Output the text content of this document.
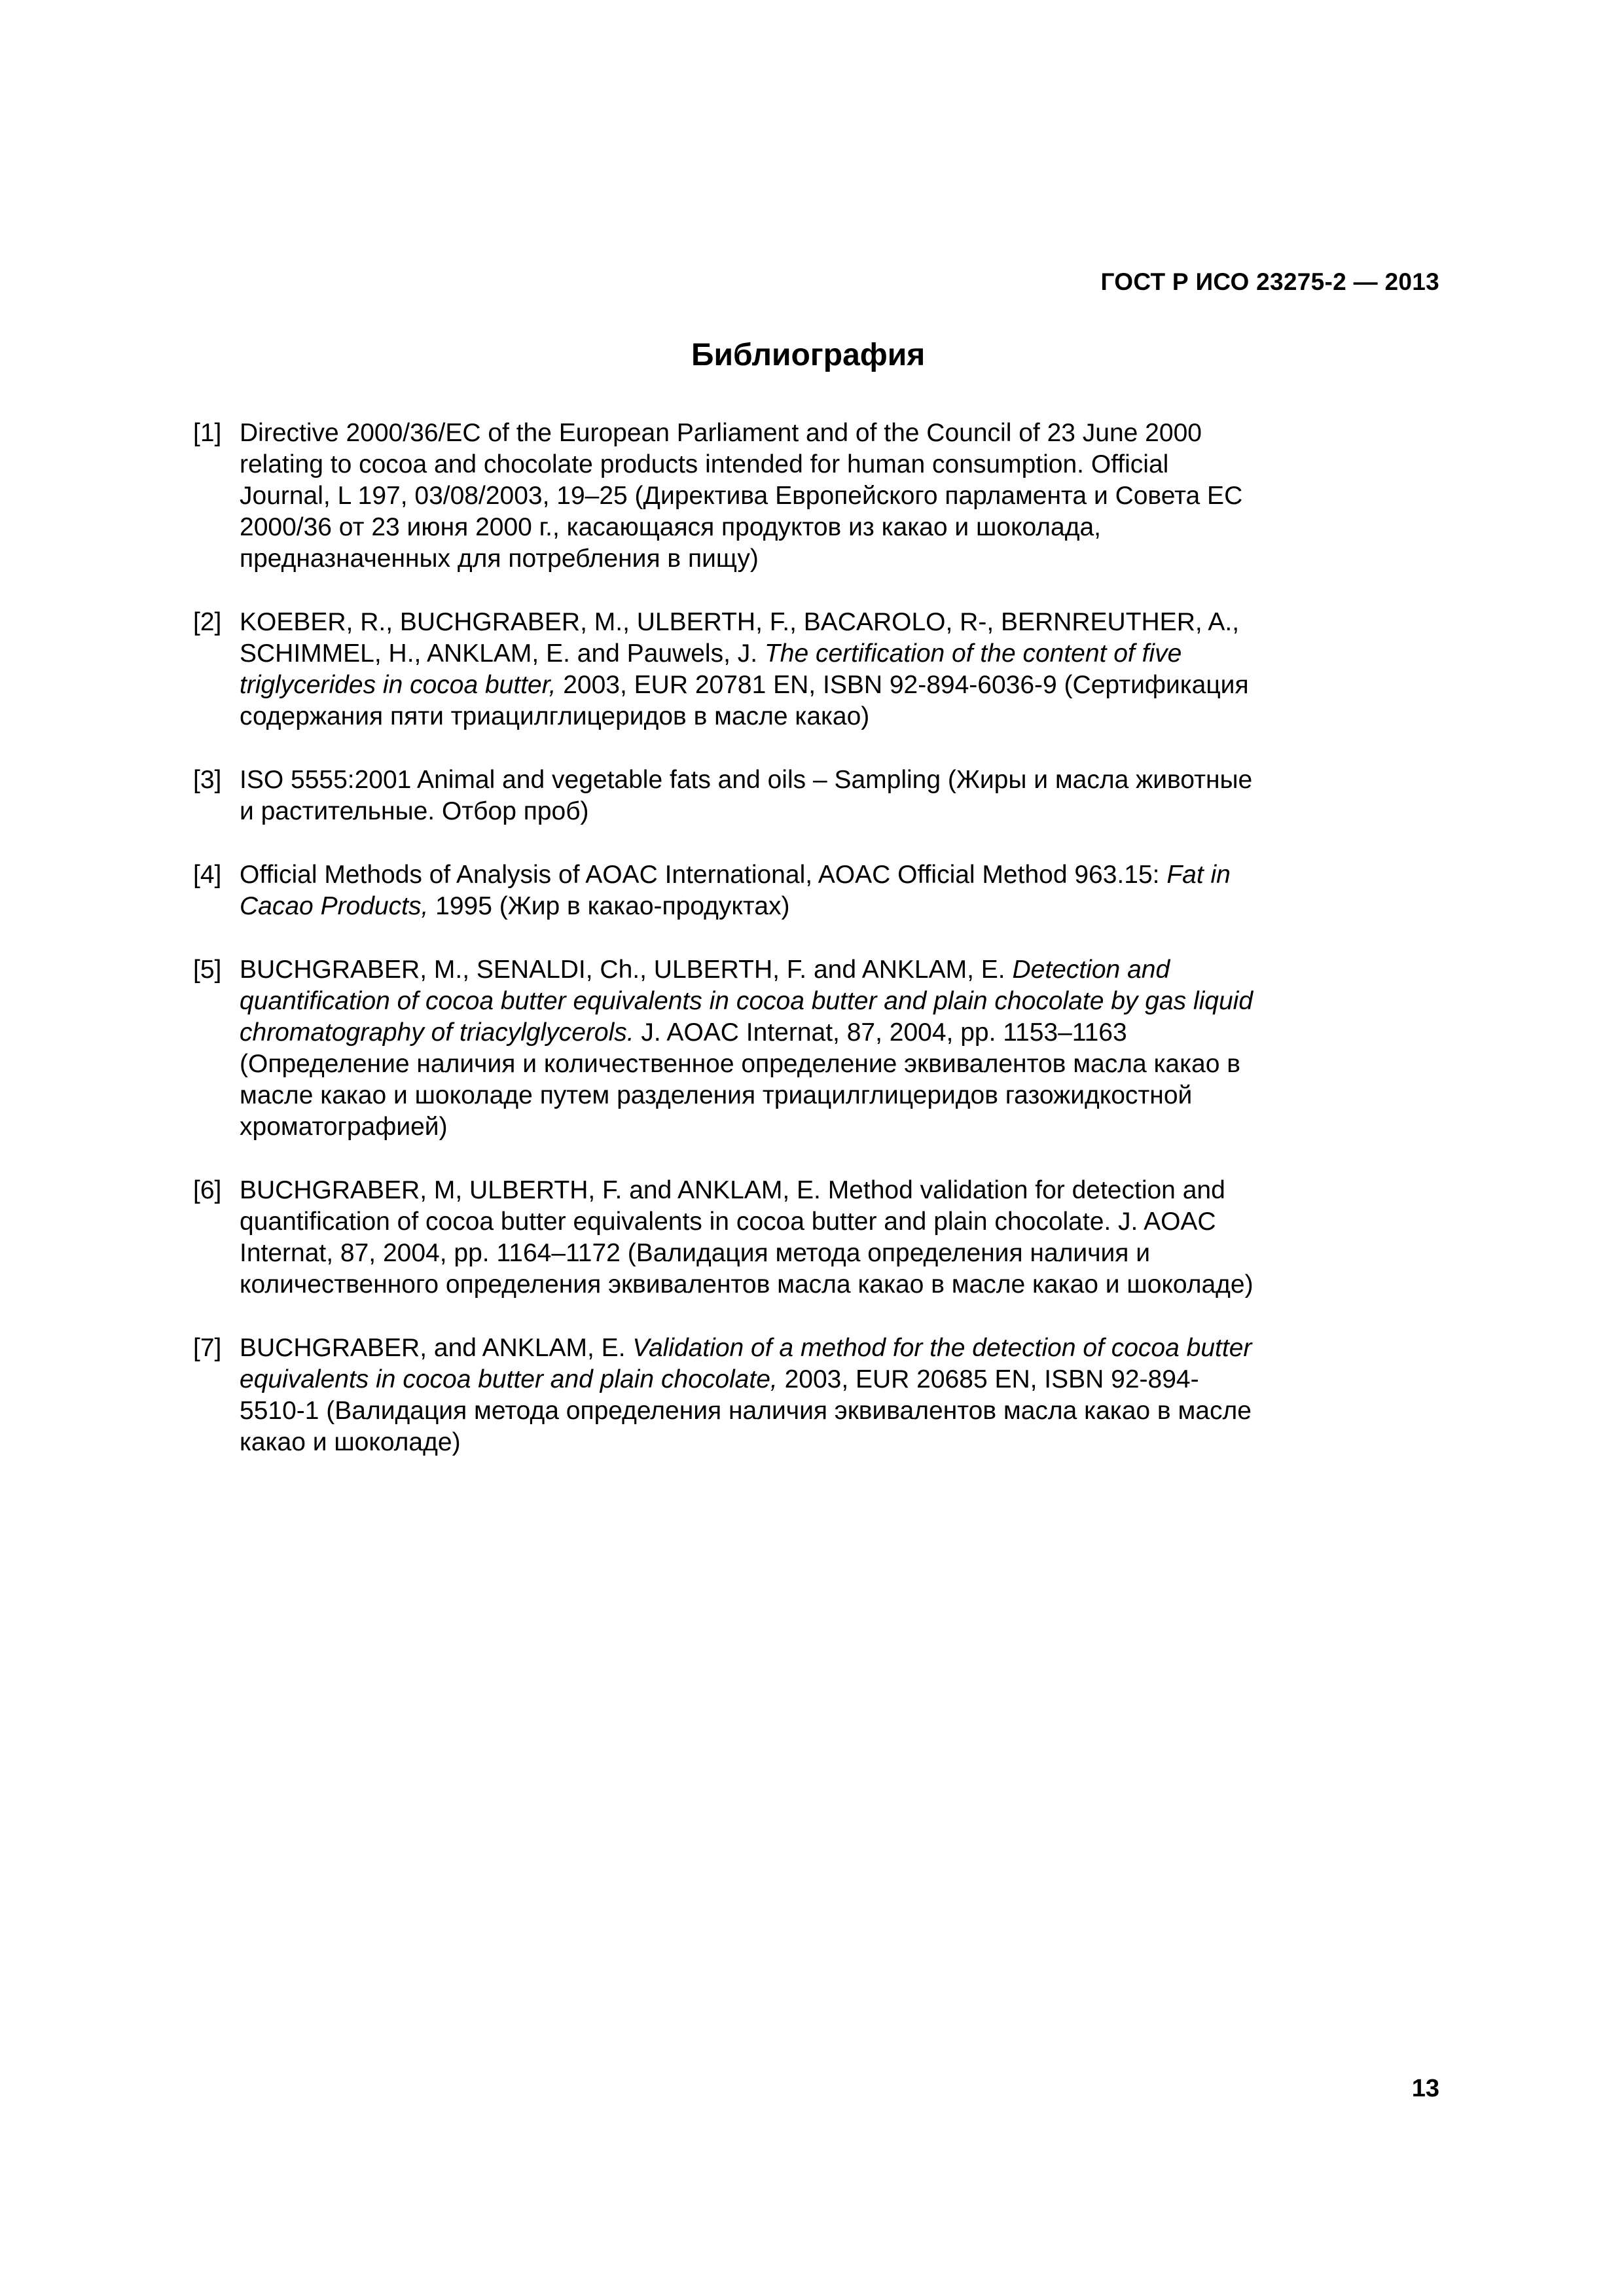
ГОСТ Р ИСО 23275-2 — 2013
Библиография
[1] Directive 2000/36/EC of the European Parliament and of the Council of 23 June 2000 relating to cocoa and chocolate products intended for human consumption. Official Journal, L 197, 03/08/2003, 19–25 (Директива Европейского парламента и Совета ЕС 2000/36 от 23 июня 2000 г., касающаяся продуктов из какао и шоколада, предназначенных для потребления в пищу)
[2] KOEBER, R., BUCHGRABER, M., ULBERTH, F., BACAROLO, R-, BERNREUTHER, A., SCHIMMEL, H., ANKLAM, E. and Pauwels, J. The certification of the content of five triglycerides in cocoa butter, 2003, EUR 20781 EN, ISBN 92-894-6036-9 (Сертификация содержания пяти триацилглицеридов в масле какао)
[3] ISO 5555:2001 Animal and vegetable fats and oils – Sampling (Жиры и масла животные и растительные. Отбор проб)
[4] Official Methods of Analysis of AOAC International, AOAC Official Method 963.15: Fat in Cacao Products, 1995 (Жир в какао-продуктах)
[5] BUCHGRABER, M., SENALDI, Ch., ULBERTH, F. and ANKLAM, E. Detection and quantification of cocoa butter equivalents in cocoa butter and plain chocolate by gas liquid chromatography of triacylglycerols. J. AOAC Internat, 87, 2004, pp. 1153–1163 (Определение наличия и количественное определение эквивалентов масла какао в масле какао и шоколаде путем разделения триацилглицеридов газожидкостной хроматографией)
[6] BUCHGRABER, M, ULBERTH, F. and ANKLAM, E. Method validation for detection and quantification of cocoa butter equivalents in cocoa butter and plain chocolate. J. AOAC Internat, 87, 2004, pp. 1164–1172 (Валидация метода определения наличия и количественного определения эквивалентов масла какао в масле какао и шоколаде)
[7] BUCHGRABER, and ANKLAM, E. Validation of a method for the detection of cocoa butter equivalents in cocoa butter and plain chocolate, 2003, EUR 20685 EN, ISBN 92-894-5510-1 (Валидация метода определения наличия эквивалентов масла какао в масле какао и шоколаде)
13
